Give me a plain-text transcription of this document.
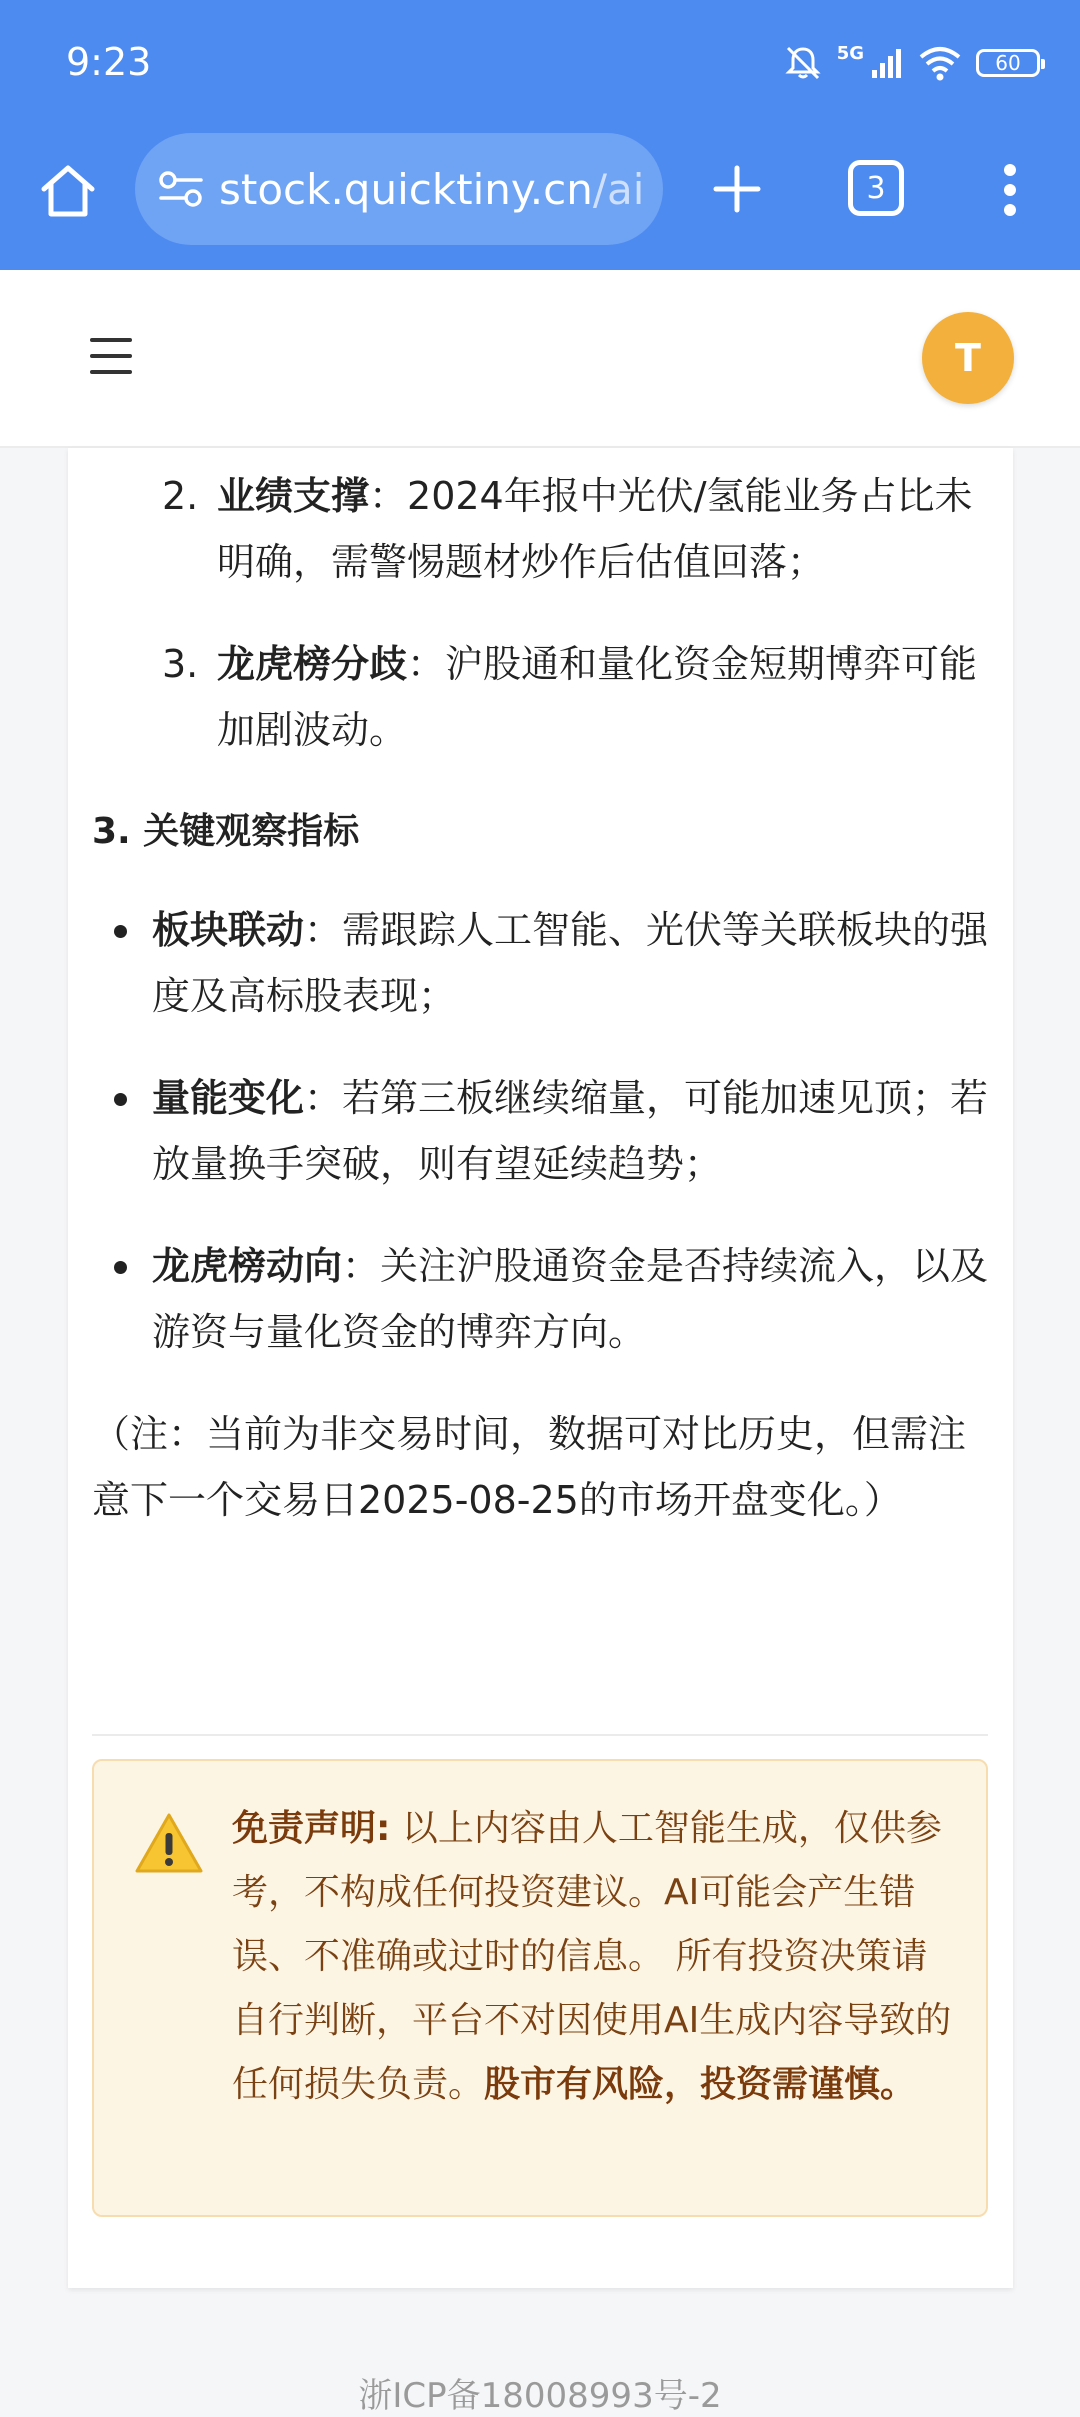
9:23	5G	60
stock.quicktiny.cn/ai	3
T
2. 业绩支撑：2024年报中光伏/氢能业务占比未明确，需警惕题材炒作后估值回落；
3. 龙虎榜分歧：沪股通和量化资金短期博弈可能加剧波动。
3. 关键观察指标
板块联动：需跟踪人工智能、光伏等关联板块的强度及高标股表现；
量能变化：若第三板继续缩量，可能加速见顶；若放量换手突破，则有望延续趋势；
龙虎榜动向：关注沪股通资金是否持续流入，以及游资与量化资金的博弈方向。
（注：当前为非交易时间，数据可对比历史，但需注意下一个交易日2025-08-25的市场开盘变化。）
免责声明: 以上内容由人工智能生成，仅供参考，不构成任何投资建议。AI可能会产生错误、不准确或过时的信息。 所有投资决策请自行判断，平台不对因使用AI生成内容导致的任何损失负责。股市有风险，投资需谨慎。
浙ICP备18008993号-2
